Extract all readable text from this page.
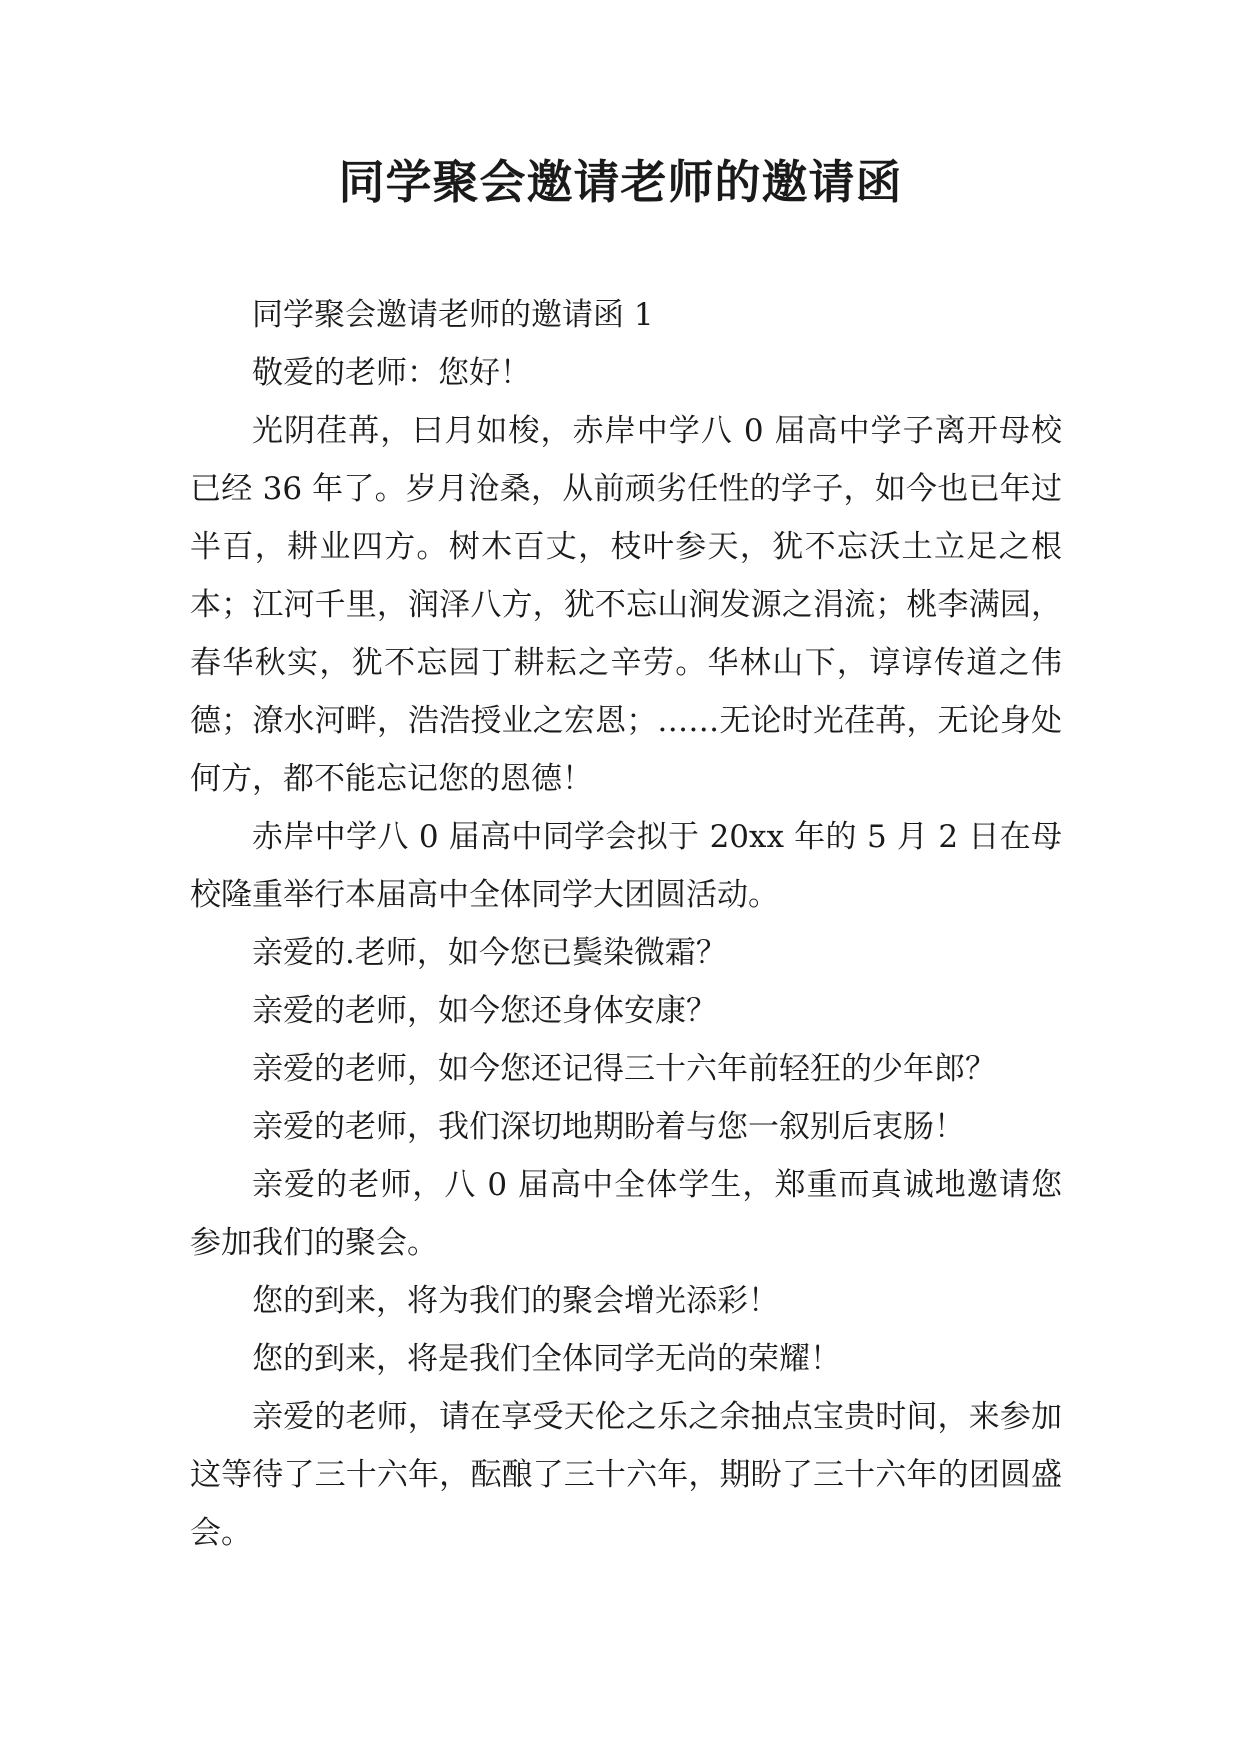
同学聚会邀请老师的邀请函

同学聚会邀请老师的邀请函 1

敬爱的老师：您好！

光阴荏苒，曰月如梭，赤岸中学八 0 届高中学子离开母校已经 36 年了。岁月沧桑，从前顽劣任性的学子，如今也已年过半百，耕业四方。树木百丈，枝叶参天，犹不忘沃土立足之根本；江河千里，润泽八方，犹不忘山涧发源之涓流；桃李满园，春华秋实，犹不忘园丁耕耘之辛劳。华林山下，谆谆传道之伟德；潦水河畔，浩浩授业之宏恩；……无论时光荏苒，无论身处何方，都不能忘记您的恩德！

赤岸中学八 0 届高中同学会拟于 20xx 年的 5 月 2 日在母校隆重举行本届高中全体同学大团圆活动。

亲爱的.老师，如今您已鬓染微霜？

亲爱的老师，如今您还身体安康？

亲爱的老师，如今您还记得三十六年前轻狂的少年郎？

亲爱的老师，我们深切地期盼着与您一叙别后衷肠！

亲爱的老师，八 0 届高中全体学生，郑重而真诚地邀请您参加我们的聚会。

您的到来，将为我们的聚会增光添彩！

您的到来，将是我们全体同学无尚的荣耀！

亲爱的老师，请在享受天伦之乐之余抽点宝贵时间，来参加这等待了三十六年，酝酿了三十六年，期盼了三十六年的团圆盛会。
